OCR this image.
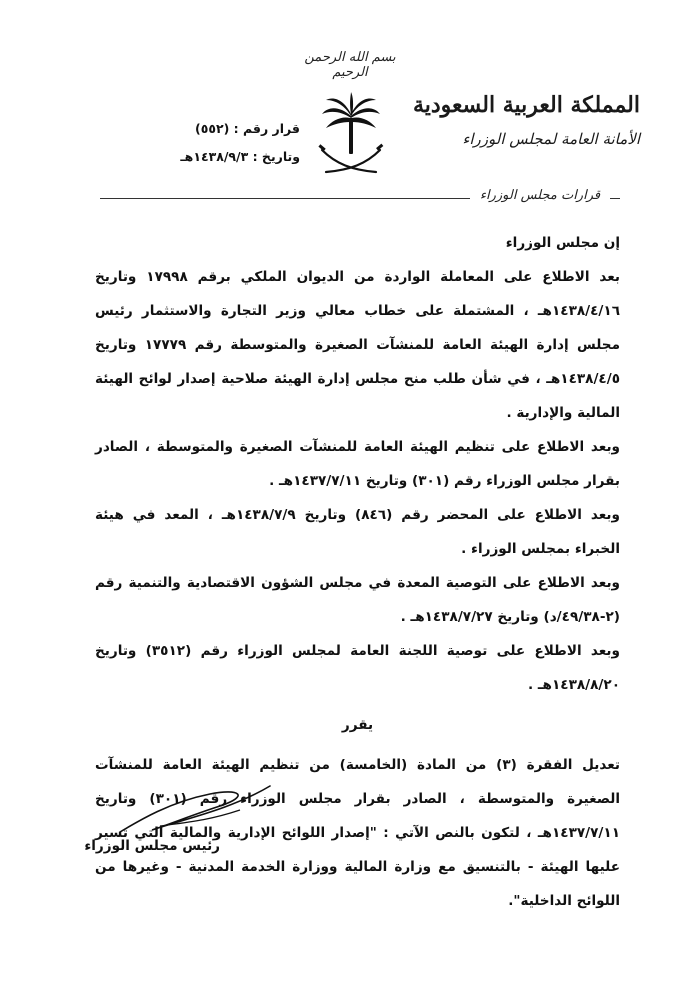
بسم الله الرحمن الرحيم
المملكة العربية السعودية
الأمانة العامة لمجلس الوزراء
قرار رقم : (٥٥٢)
وتاريخ : ١٤٣٨/٩/٣هـ
قرارات مجلس الوزراء

إن مجلس الوزراء

بعد الاطلاع على المعاملة الواردة من الديوان الملكي برقم ١٧٩٩٨ وتاريخ ١٤٣٨/٤/١٦هـ ، المشتملة على خطاب معالي وزير التجارة والاستثمار رئيس مجلس إدارة الهيئة العامة للمنشآت الصغيرة والمتوسطة رقم ١٧٧٧٩ وتاريخ ١٤٣٨/٤/٥هـ ، في شأن طلب منح مجلس إدارة الهيئة صلاحية إصدار لوائح الهيئة المالية والإدارية .

وبعد الاطلاع على تنظيم الهيئة العامة للمنشآت الصغيرة والمتوسطة ، الصادر بقرار مجلس الوزراء رقم (٣٠١) وتاريخ ١٤٣٧/٧/١١هـ .

وبعد الاطلاع على المحضر رقم (٨٤٦) وتاريخ ١٤٣٨/٧/٩هـ ، المعد في هيئة الخبراء بمجلس الوزراء .

وبعد الاطلاع على التوصية المعدة في مجلس الشؤون الاقتصادية والتنمية رقم (٢-٤٩/٣٨/د) وتاريخ ١٤٣٨/٧/٢٧هـ .

وبعد الاطلاع على توصية اللجنة العامة لمجلس الوزراء رقم (٣٥١٢) وتاريخ ١٤٣٨/٨/٢٠هـ .

يقرر

تعديل الفقرة (٣) من المادة (الخامسة) من تنظيم الهيئة العامة للمنشآت الصغيرة والمتوسطة ، الصادر بقرار مجلس الوزراء رقم (٣٠١) وتاريخ ١٤٣٧/٧/١١هـ ، لتكون بالنص الآتي : "إصدار اللوائح الإدارية والمالية التي تسير عليها الهيئة - بالتنسيق مع وزارة المالية ووزارة الخدمة المدنية - وغيرها من اللوائح الداخلية".

رئيس مجلس الوزراء
